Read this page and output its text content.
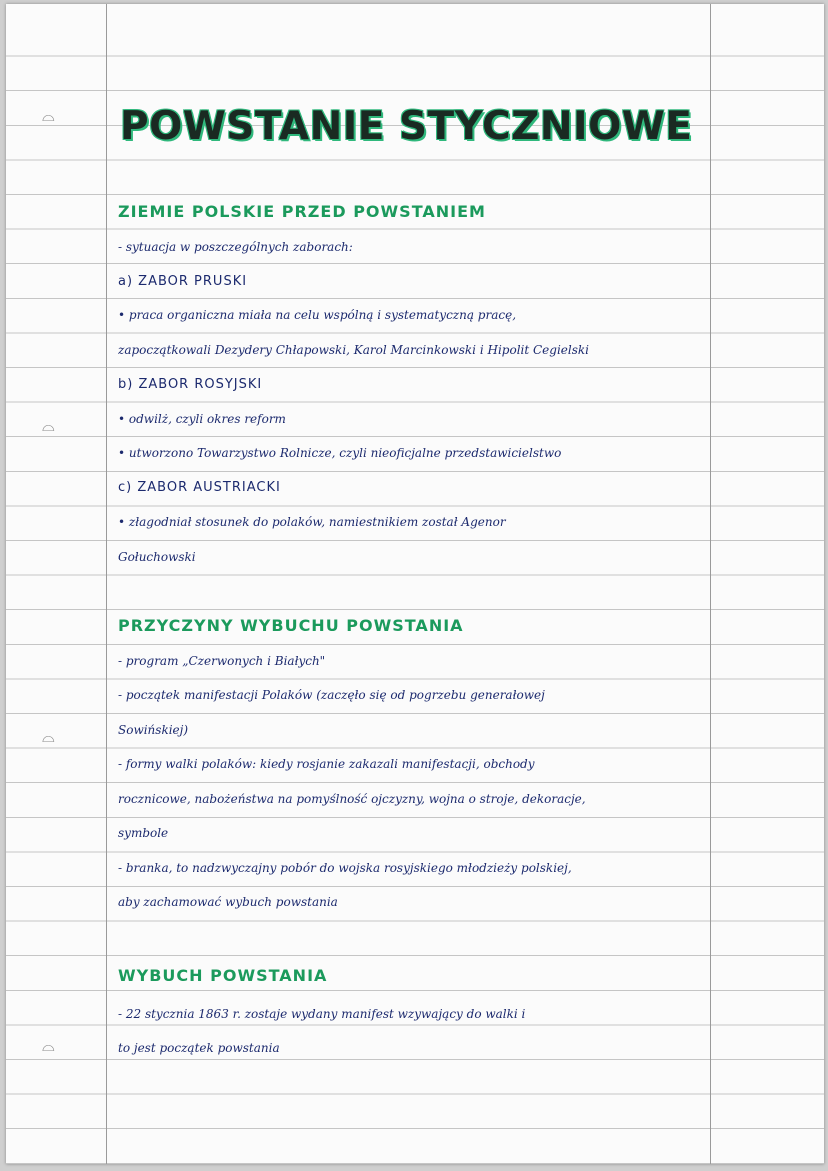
⌓
⌓
⌓
⌓
POWSTANIE STYCZNIOWE
ZIEMIE POLSKIE PRZED POWSTANIEM
- sytuacja w poszczególnych zaborach:
a) ZABÓR PRUSKI
• praca organiczna miała na celu wspólną i systematyczną pracę,
zapoczątkowali Dezydery Chłapowski, Karol Marcinkowski i Hipolit Cegielski
b) ZABÓR ROSYJSKI
• odwilż, czyli okres reform
• utworzono Towarzystwo Rolnicze, czyli nieoficjalne przedstawicielstwo
c) ZABÓR AUSTRIACKI
• złagodniał stosunek do polaków, namiestnikiem został Agenor
Gołuchowski
PRZYCZYNY WYBUCHU POWSTANIA
- program „Czerwonych i Białych"
- początek manifestacji Polaków (zaczęło się od pogrzebu generałowej
Sowińskiej)
- formy walki polaków: kiedy rosjanie zakazali manifestacji, obchody
rocznicowe, nabożeństwa na pomyślność ojczyzny, wojna o stroje, dekoracje,
symbole
- branka, to nadzwyczajny pobór do wojska rosyjskiego młodzieży polskiej,
aby zachamować wybuch powstania
WYBUCH POWSTANIA
- 22 stycznia 1863 r. zostaje wydany manifest wzywający do walki i
to jest początek powstania
